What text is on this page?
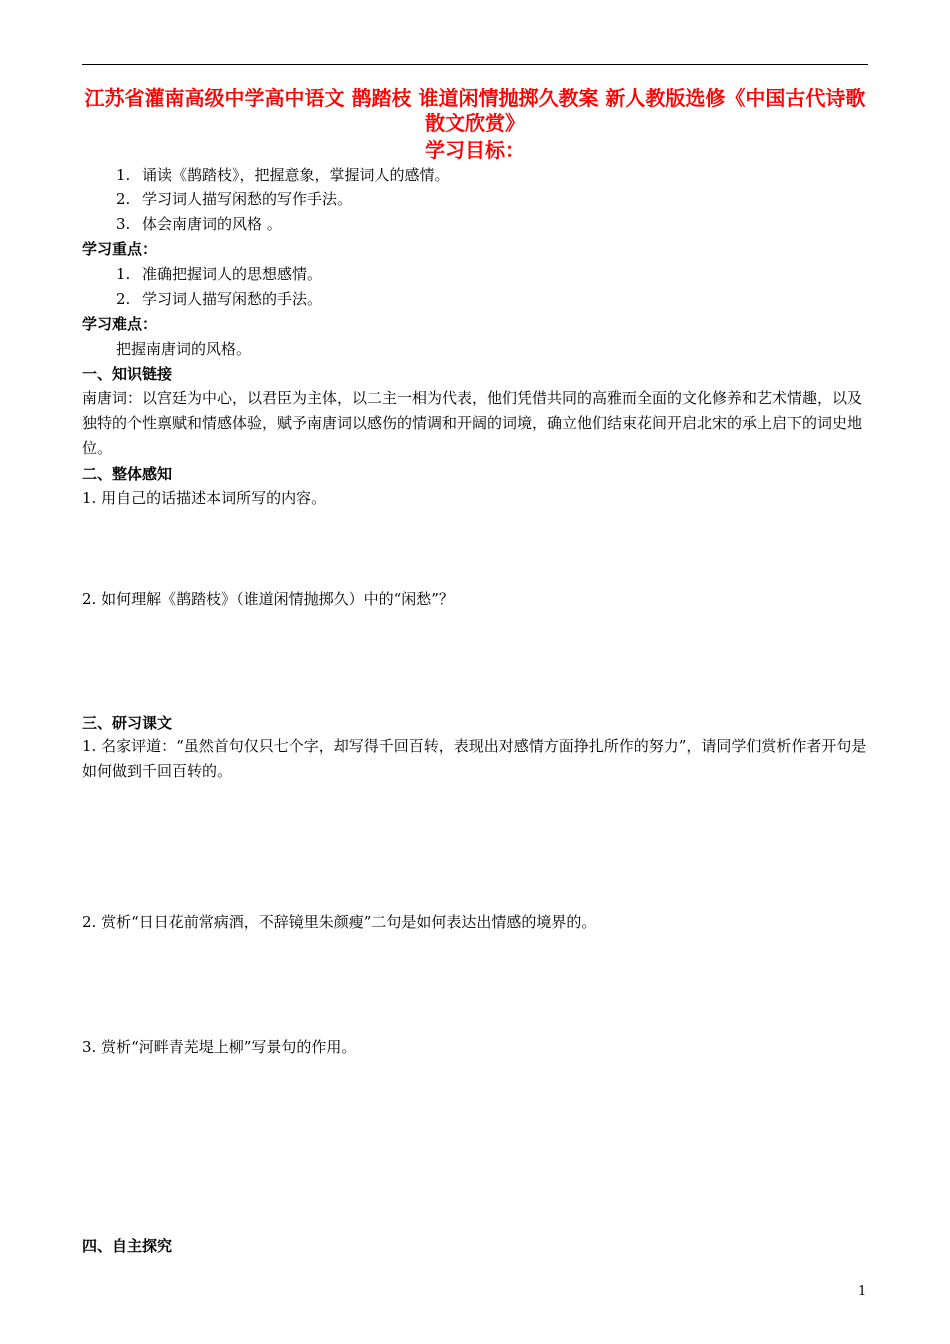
江苏省灌南高级中学高中语文 鹊踏枝 谁道闲情抛掷久教案 新人教版选修《中国古代诗歌散文欣赏》
学习目标：
1. 诵读《鹊踏枝》，把握意象，掌握词人的感情。
2. 学习词人描写闲愁的写作手法。
3. 体会南唐词的风格 。
学习重点：
1. 准确把握词人的思想感情。
2. 学习词人描写闲愁的手法。
学习难点：
把握南唐词的风格。
一、知识链接
南唐词：以宫廷为中心，以君臣为主体，以二主一相为代表，他们凭借共同的高雅而全面的文化修养和艺术情趣，以及独特的个性禀赋和情感体验，赋予南唐词以感伤的情调和开阔的词境，确立他们结束花间开启北宋的承上启下的词史地位。
二、整体感知
1. 用自己的话描述本词所写的内容。
2. 如何理解《鹊踏枝》（谁道闲情抛掷久）中的“闲愁”？
三、研习课文
1. 名家评道：“虽然首句仅只七个字，却写得千回百转，表现出对感情方面挣扎所作的努力”，请同学们赏析作者开句是如何做到千回百转的。
2. 赏析“日日花前常病酒，不辞镜里朱颜瘦”二句是如何表达出情感的境界的。
3. 赏析“河畔青芜堤上柳”写景句的作用。
四、自主探究
1
